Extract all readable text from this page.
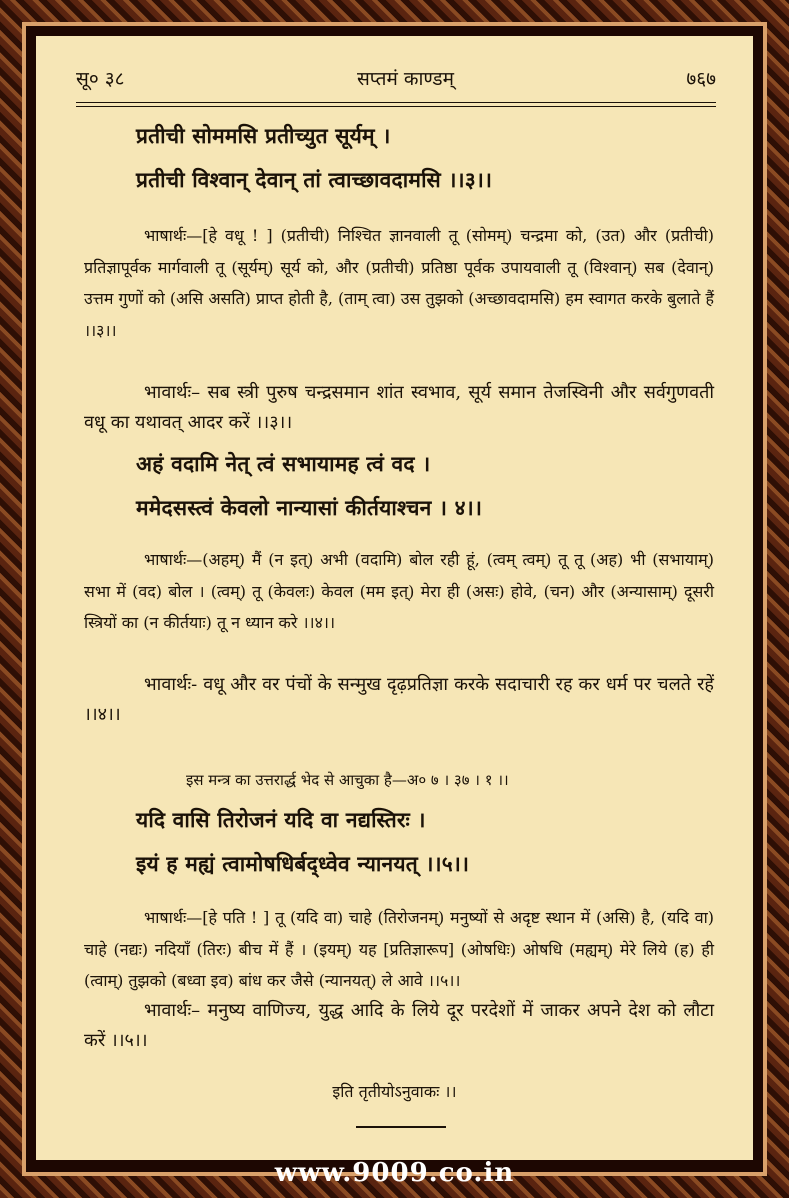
सू० ३८	सप्तमं काण्डम्	७६७
प्रतीची सोममसि प्रतीच्युत सूर्यम् ।
प्रतीची विश्वान् देवान् तां त्वाच्छावदामसि ।।३।।
भाषार्थः—[हे वधू ! ] (प्रतीची) निश्चित ज्ञानवाली तू (सोमम्) चन्द्रमा को, (उत) और (प्रतीची) प्रतिज्ञापूर्वक मार्गवाली तू (सूर्यम्) सूर्य को, और (प्रतीची) प्रतिष्ठा पूर्वक उपायवाली तू (विश्वान्) सब (देवान्) उत्तम गुणों को (असि असति) प्राप्त होती है, (ताम् त्वा) उस तुझको (अच्छावदामसि) हम स्वागत करके बुलाते हैं ।।३।।
भावार्थः– सब स्त्री पुरुष चन्द्रसमान शांत स्वभाव, सूर्य समान तेजस्विनी और सर्वगुणवती वधू का यथावत् आदर करें ।।३।।
अहं वदामि नेत् त्वं सभायामह त्वं वद ।
ममेदसस्त्वं केवलो नान्यासां कीर्तयाश्चन । ४।।
भाषार्थः—(अहम्) मैं (न इत्) अभी (वदामि) बोल रही हूं, (त्वम् त्वम्) तू तू (अह) भी (सभायाम्) सभा में (वद) बोल । (त्वम्) तू (केवलः) केवल (मम इत्) मेरा ही (असः) होवे, (चन) और (अन्यासाम्) दूसरी स्त्रियों का (न कीर्तयाः) तू न ध्यान करे ।।४।।
भावार्थः- वधू और वर पंचों के सन्मुख दृढ़प्रतिज्ञा करके सदाचारी रह कर धर्म पर चलते रहें ।।४।।
इस मन्त्र का उत्तरार्द्ध भेद से आचुका है—अ० ७ । ३७ । १ ।।
यदि वासि तिरोजनं यदि वा नद्यस्तिरः ।
इयं ह मह्यं त्वामोषधिर्बद्ध्वेव न्यानयत् ।।५।।
भाषार्थः—[हे पति ! ] तू (यदि वा) चाहे (तिरोजनम्) मनुष्यों से अदृष्ट स्थान में (असि) है, (यदि वा) चाहे (नद्यः) नदियाँ (तिरः) बीच में हैं । (इयम्) यह [प्रतिज्ञारूप] (ओषधिः) ओषधि (मह्यम्) मेरे लिये (ह) ही (त्वाम्) तुझको (बध्वा इव) बांध कर जैसे (न्यानयत्) ले आवे ।।५।।
भावार्थः– मनुष्य वाणिज्य, युद्ध आदि के लिये दूर परदेशों में जाकर अपने देश को लौटा करें ।।५।।
इति तृतीयोऽनुवाकः ।।
www.9009.co.in
